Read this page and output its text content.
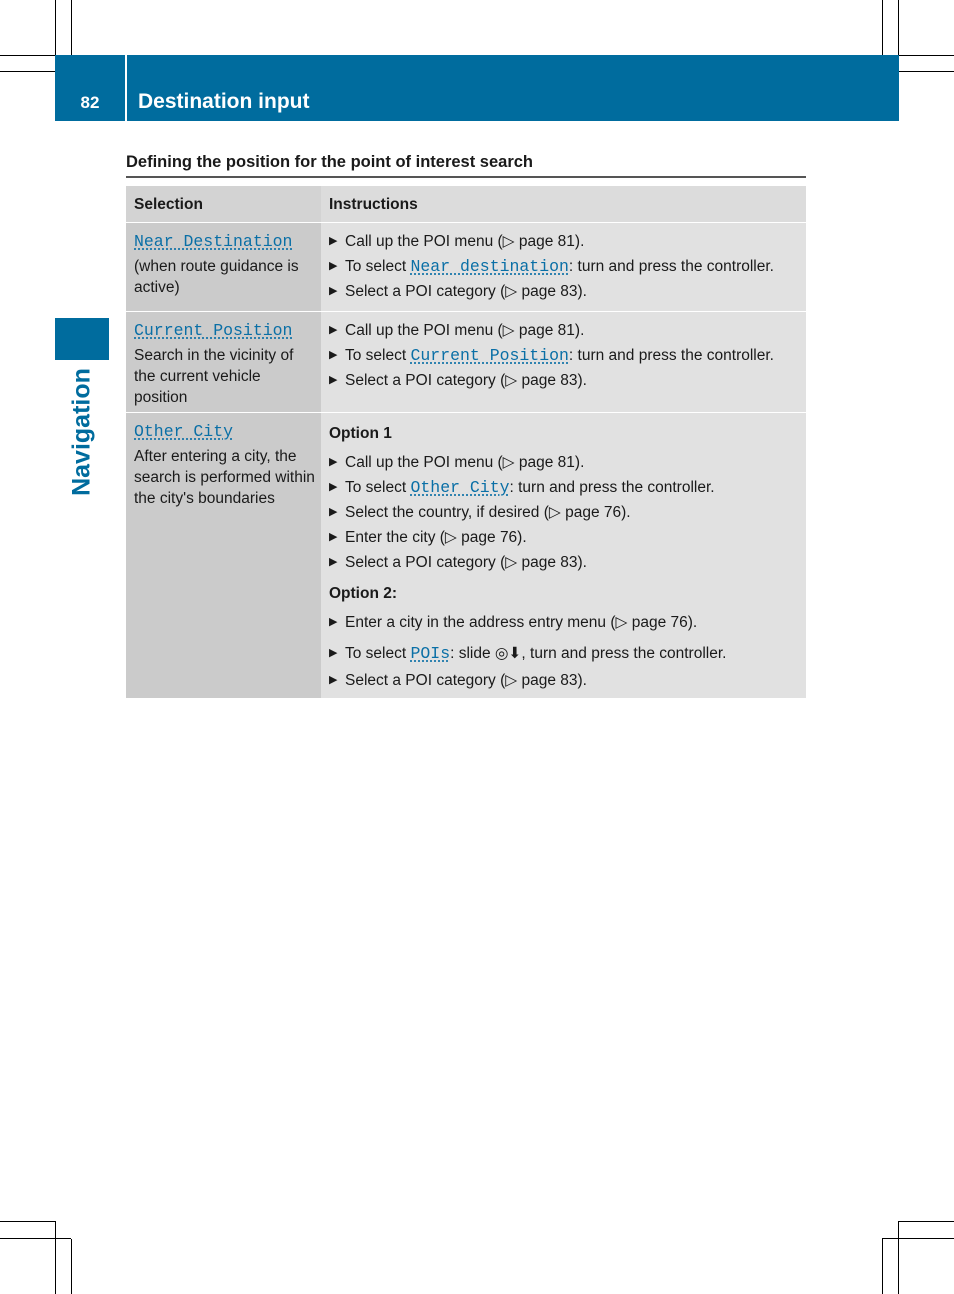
82	Destination input
Navigation
Defining the position for the point of interest search
Selection	Instructions
Near Destination
(when route guidance is active)
▶ Call up the POI menu (▷ page 81).
▶ To select Near destination: turn and press the controller.
▶ Select a POI category (▷ page 83).
Current Position
Search in the vicinity of the current vehicle position
▶ Call up the POI menu (▷ page 81).
▶ To select Current Position: turn and press the controller.
▶ Select a POI category (▷ page 83).
Other City
After entering a city, the search is performed within the city's boundaries
Option 1
▶ Call up the POI menu (▷ page 81).
▶ To select Other City: turn and press the controller.
▶ Select the country, if desired (▷ page 76).
▶ Enter the city (▷ page 76).
▶ Select a POI category (▷ page 83).
Option 2:
▶ Enter a city in the address entry menu (▷ page 76).
▶ To select POIs: slide ◎⬇, turn and press the controller.
▶ Select a POI category (▷ page 83).
